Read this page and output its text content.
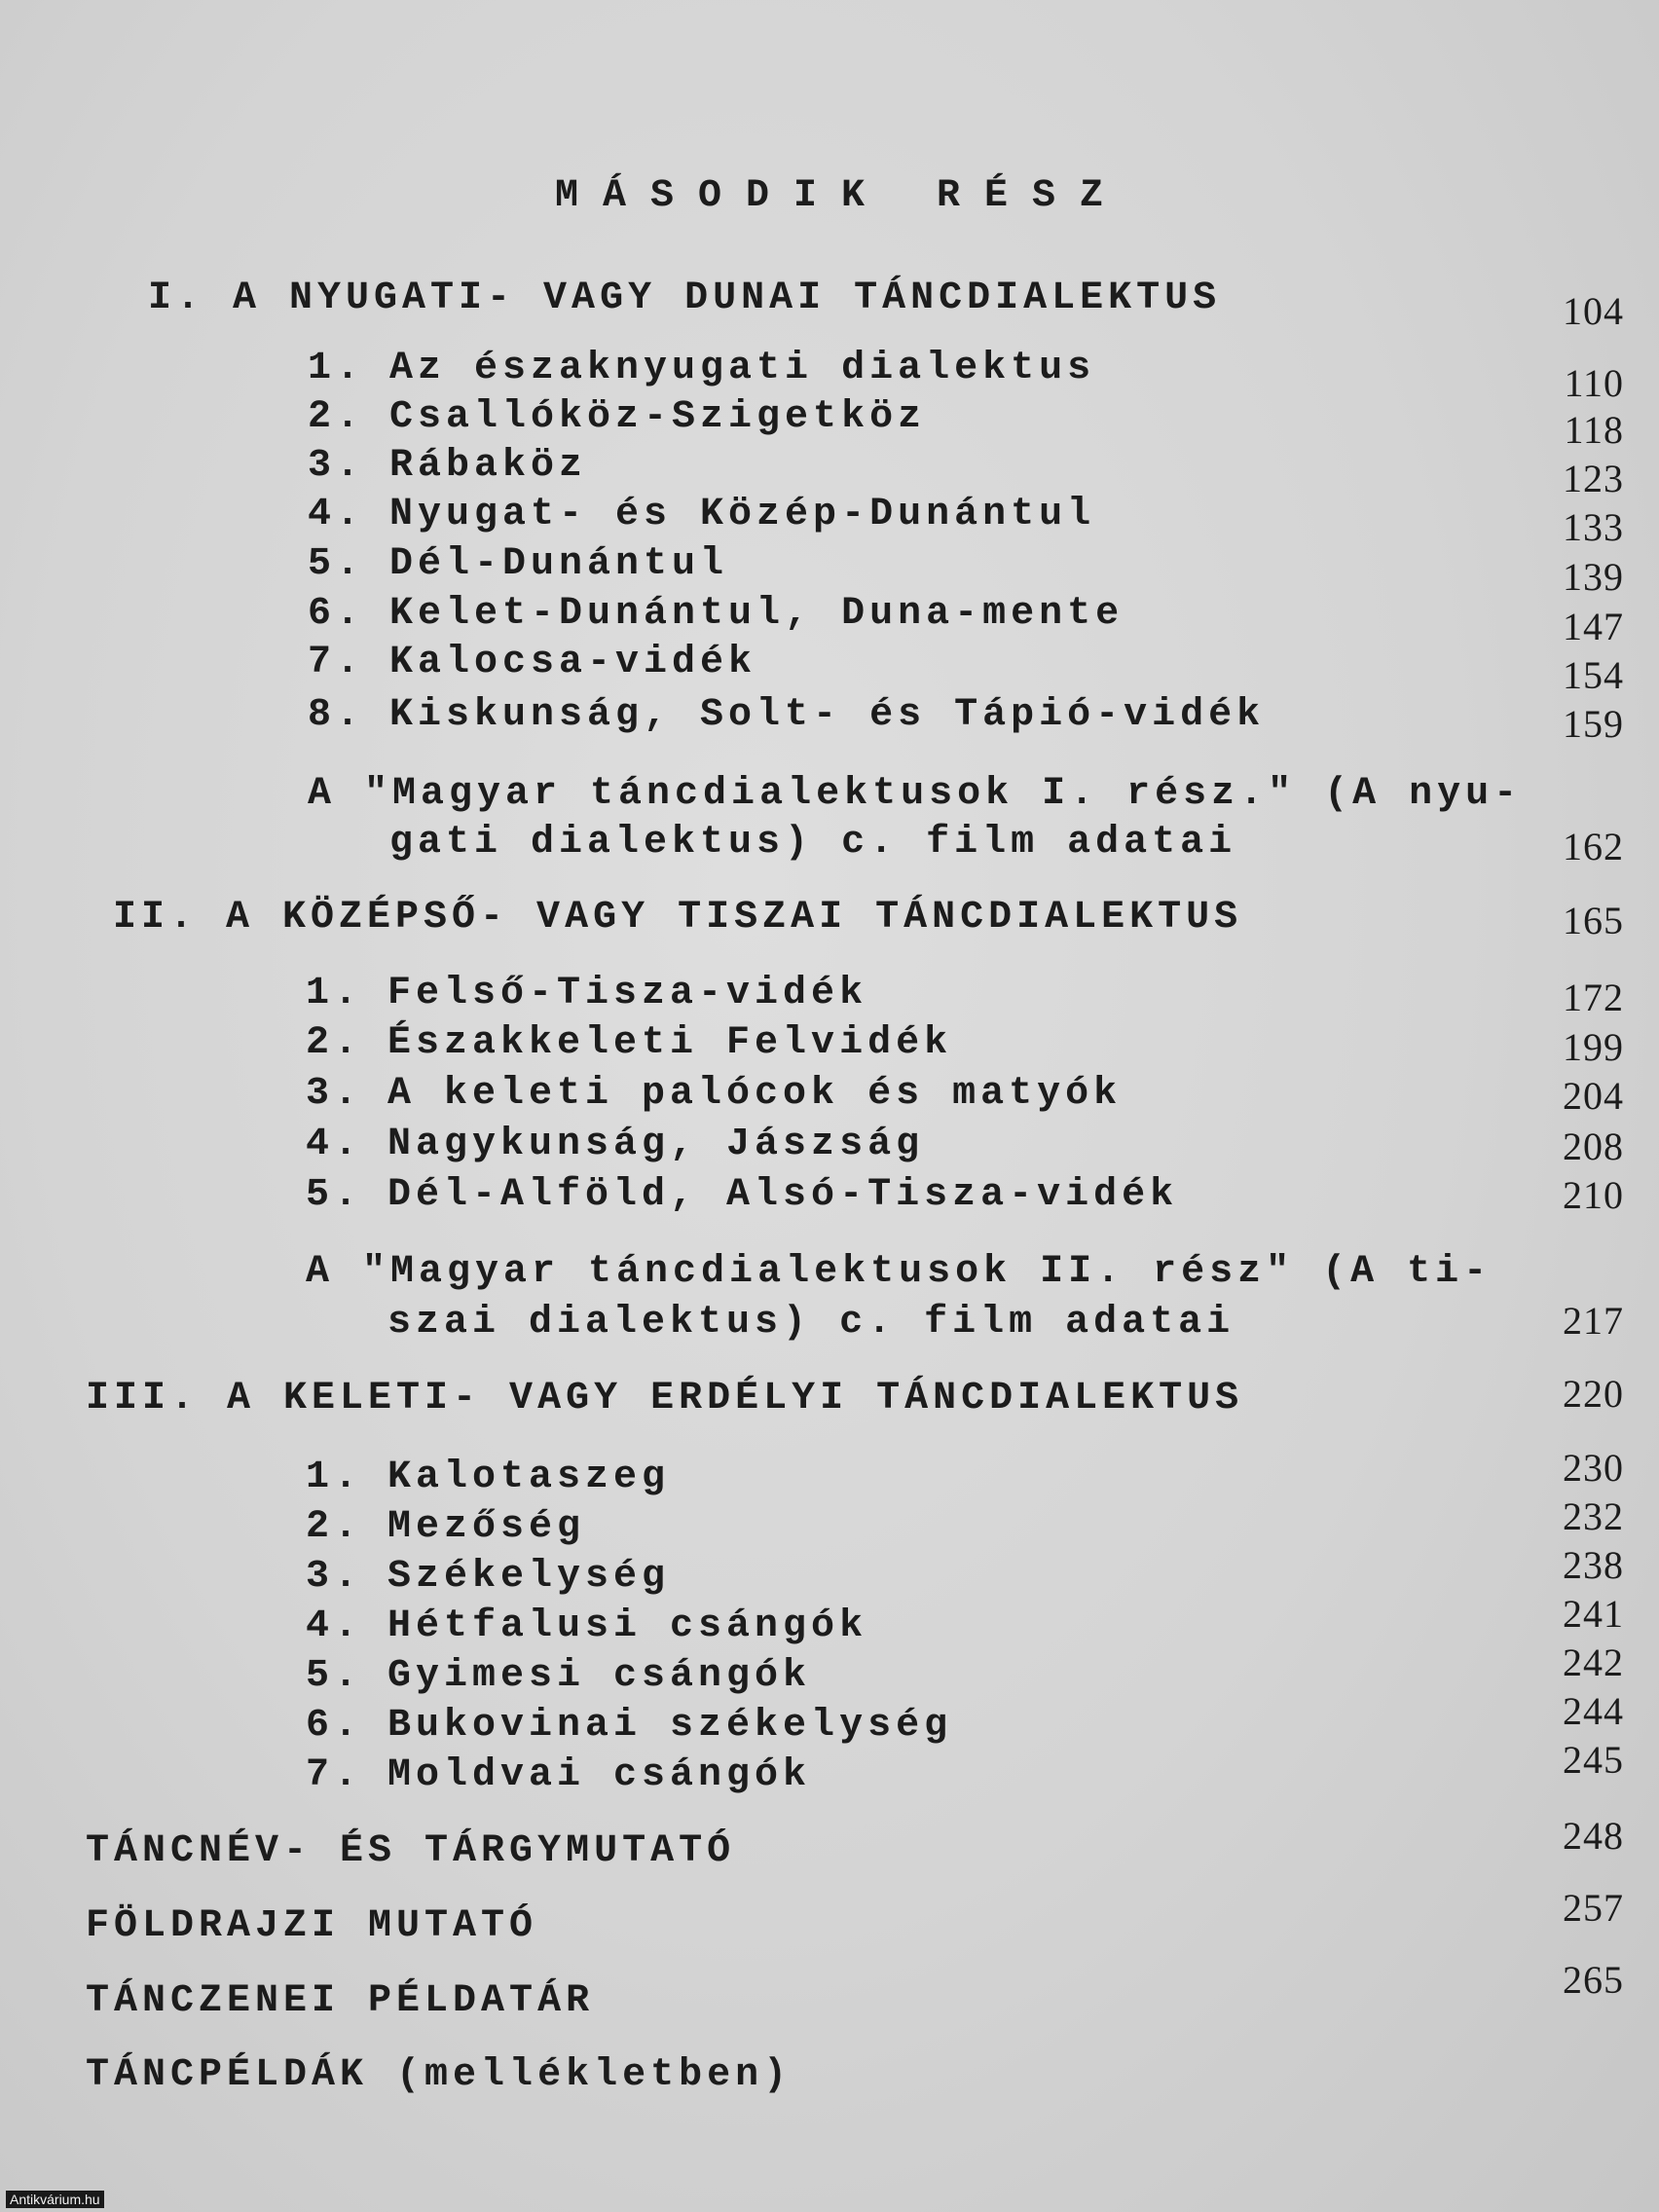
MÁSODIK RÉSZ
I. A NYUGATI- VAGY DUNAI TÁNCDIALEKTUS	104
1. Az északnyugati dialektus	110
2. Csallóköz-Szigetköz	118
3. Rábaköz	123
4. Nyugat- és Közép-Dunántul	133
5. Dél-Dunántul	139
6. Kelet-Dunántul, Duna-mente	147
7. Kalocsa-vidék	154
8. Kiskunság, Solt- és Tápió-vidék	159
A "Magyar táncdialektusok I. rész." (A nyu-
gati dialektus) c. film adatai	162
II. A KÖZÉPSŐ- VAGY TISZAI TÁNCDIALEKTUS	165
1. Felső-Tisza-vidék	172
2. Északkeleti Felvidék	199
3. A keleti palócok és matyók	204
4. Nagykunság, Jászság	208
5. Dél-Alföld, Alsó-Tisza-vidék	210
A "Magyar táncdialektusok II. rész" (A ti-
szai dialektus) c. film adatai	217
III. A KELETI- VAGY ERDÉLYI TÁNCDIALEKTUS	220
1. Kalotaszeg	230
2. Mezőség	232
3. Székelység	238
4. Hétfalusi csángók	241
5. Gyimesi csángók	242
6. Bukovinai székelység	244
7. Moldvai csángók	245
TÁNCNÉV- ÉS TÁRGYMUTATÓ	248
FÖLDRAJZI MUTATÓ	257
TÁNCZENEI PÉLDATÁR	265
TÁNCPÉLDÁK (mellékletben)
Antikvárium.hu
